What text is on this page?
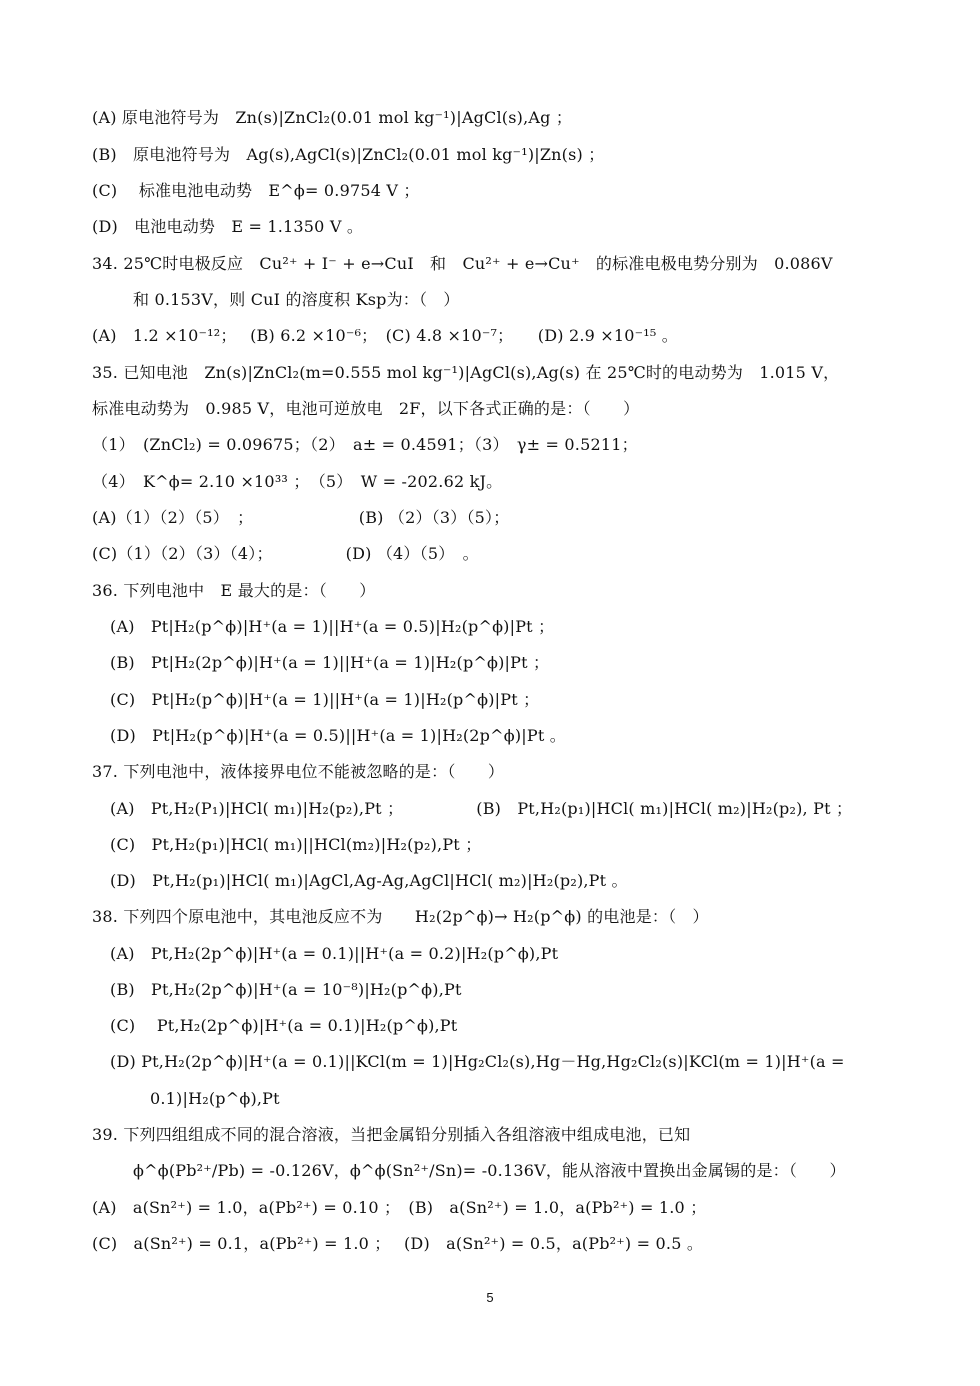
(A) 原电池符号为　Zn(s)|ZnCl₂(0.01 mol kg⁻¹)|AgCl(s),Ag ；
(B)　原电池符号为　Ag(s),AgCl(s)|ZnCl₂(0.01 mol kg⁻¹)|Zn(s) ；
(C)　 标准电池电动势　E^ϕ= 0.9754 V ；
(D)　电池电动势　E = 1.1350 V 。
34. 25℃时电极反应　Cu²⁺ + I⁻ + e→CuI　和　Cu²⁺ + e→Cu⁺　的标准电极电势分别为　0.086V
和 0.153V，则 CuI 的溶度积 Ksp为：（　）
(A)　1.2 ×10⁻¹²；　 (B) 6.2 ×10⁻⁶；　(C) 4.8 ×10⁻⁷；　　(D) 2.9 ×10⁻¹⁵ 。
35. 已知电池　Zn(s)|ZnCl₂(m=0.555 mol kg⁻¹)|AgCl(s),Ag(s) 在 25℃时的电动势为　1.015 V，
标准电动势为　0.985 V，电池可逆放电　2F，以下各式正确的是：（　　）
（1）　(ZnCl₂) = 0.09675；（2）　a± = 0.4591；（3）　γ± = 0.5211；
（4）　K^ϕ= 2.10 ×10³³ ；　（5）　W = -202.62 kJ。
(A)（1）（2）（5）　；　　　　　　　(B) （2）（3）（5）；
(C)（1）（2）（3）（4）；　　　　　(D) （4）（5）　。
36. 下列电池中　E 最大的是：（　　）
(A)　Pt|H₂(p^ϕ)|H⁺(a = 1)||H⁺(a = 0.5)|H₂(p^ϕ)|Pt ；
(B)　Pt|H₂(2p^ϕ)|H⁺(a = 1)||H⁺(a = 1)|H₂(p^ϕ)|Pt ；
(C)　Pt|H₂(p^ϕ)|H⁺(a = 1)||H⁺(a = 1)|H₂(p^ϕ)|Pt ；
(D)　Pt|H₂(p^ϕ)|H⁺(a = 0.5)||H⁺(a = 1)|H₂(2p^ϕ)|Pt 。
37. 下列电池中，液体接界电位不能被忽略的是：（　　）
(A)　Pt,H₂(P₁)|HCl( m₁)|H₂(p₂),Pt ；　　　　　(B)　Pt,H₂(p₁)|HCl( m₁)|HCl( m₂)|H₂(p₂), Pt ；
(C)　Pt,H₂(p₁)|HCl( m₁)||HCl(m₂)|H₂(p₂),Pt ；
(D)　Pt,H₂(p₁)|HCl( m₁)|AgCl,Ag-Ag,AgCl|HCl( m₂)|H₂(p₂),Pt 。
38. 下列四个原电池中，其电池反应不为　　H₂(2p^ϕ)→ H₂(p^ϕ) 的电池是：（　）
(A)　Pt,H₂(2p^ϕ)|H⁺(a = 0.1)||H⁺(a = 0.2)|H₂(p^ϕ),Pt
(B)　Pt,H₂(2p^ϕ)|H⁺(a = 10⁻⁸)|H₂(p^ϕ),Pt
(C)　 Pt,H₂(2p^ϕ)|H⁺(a = 0.1)|H₂(p^ϕ),Pt
(D) Pt,H₂(2p^ϕ)|H⁺(a = 0.1)||KCl(m = 1)|Hg₂Cl₂(s),Hg－Hg,Hg₂Cl₂(s)|KCl(m = 1)|H⁺(a =
0.1)|H₂(p^ϕ),Pt
39. 下列四组组成不同的混合溶液，当把金属铅分别插入各组溶液中组成电池，已知
ϕ^ϕ(Pb²⁺/Pb) = -0.126V，ϕ^ϕ(Sn²⁺/Sn)= -0.136V，能从溶液中置换出金属锡的是：（　　）
(A)　a(Sn²⁺) = 1.0，a(Pb²⁺) = 0.10 ；　(B)　a(Sn²⁺) = 1.0，a(Pb²⁺) = 1.0 ；
(C)　a(Sn²⁺) = 0.1，a(Pb²⁺) = 1.0 ；　 (D)　a(Sn²⁺) = 0.5，a(Pb²⁺) = 0.5 。
5
